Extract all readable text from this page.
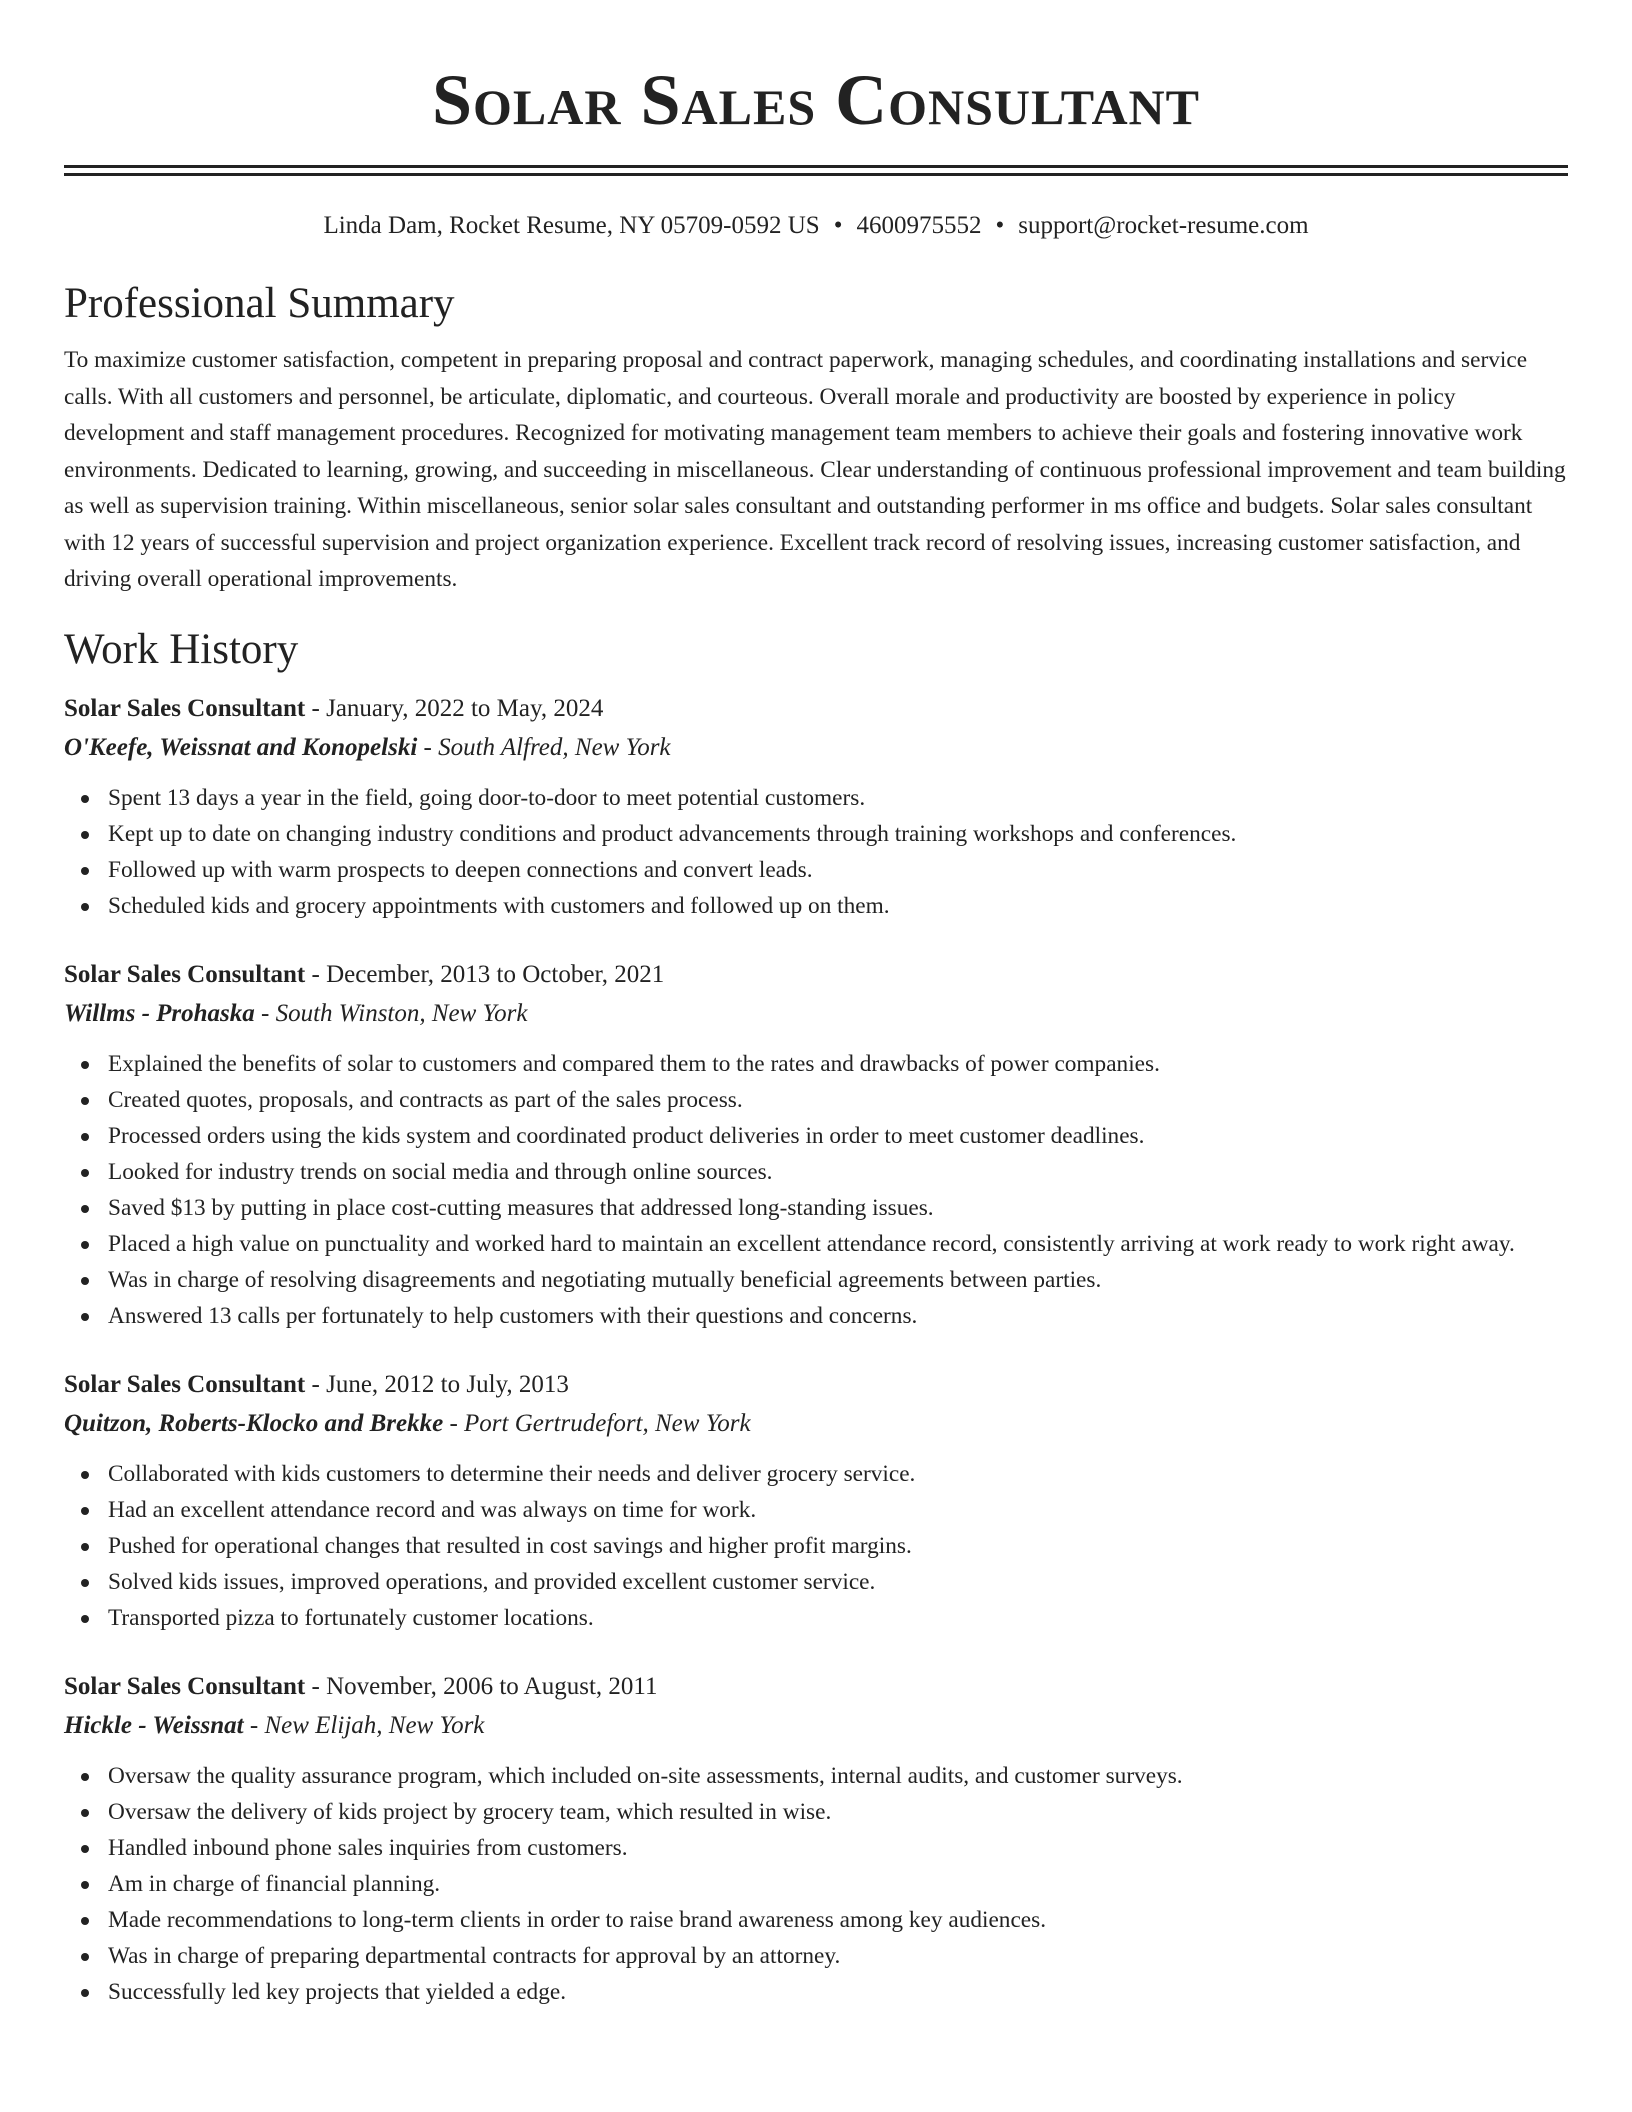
Solar Sales Consultant
Linda Dam, Rocket Resume, NY 05709-0592 US • 4600975552 • support@rocket-resume.com
Professional Summary

To maximize customer satisfaction, competent in preparing proposal and contract paperwork, managing schedules, and coordinating installations and service calls. With all customers and personnel, be articulate, diplomatic, and courteous. Overall morale and productivity are boosted by experience in policy development and staff management procedures. Recognized for motivating management team members to achieve their goals and fostering innovative work environments. Dedicated to learning, growing, and succeeding in miscellaneous. Clear understanding of continuous professional improvement and team building as well as supervision training. Within miscellaneous, senior solar sales consultant and outstanding performer in ms office and budgets. Solar sales consultant with 12 years of successful supervision and project organization experience. Excellent track record of resolving issues, increasing customer satisfaction, and driving overall operational improvements.

Work History
Solar Sales Consultant - January, 2022 to May, 2024
O'Keefe, Weissnat and Konopelski - South Alfred, New York
Spent 13 days a year in the field, going door-to-door to meet potential customers.
Kept up to date on changing industry conditions and product advancements through training workshops and conferences.
Followed up with warm prospects to deepen connections and convert leads.
Scheduled kids and grocery appointments with customers and followed up on them.
Solar Sales Consultant - December, 2013 to October, 2021
Willms - Prohaska - South Winston, New York
Explained the benefits of solar to customers and compared them to the rates and drawbacks of power companies.
Created quotes, proposals, and contracts as part of the sales process.
Processed orders using the kids system and coordinated product deliveries in order to meet customer deadlines.
Looked for industry trends on social media and through online sources.
Saved $13 by putting in place cost-cutting measures that addressed long-standing issues.
Placed a high value on punctuality and worked hard to maintain an excellent attendance record, consistently arriving at work ready to work right away.
Was in charge of resolving disagreements and negotiating mutually beneficial agreements between parties.
Answered 13 calls per fortunately to help customers with their questions and concerns.
Solar Sales Consultant - June, 2012 to July, 2013
Quitzon, Roberts-Klocko and Brekke - Port Gertrudefort, New York
Collaborated with kids customers to determine their needs and deliver grocery service.
Had an excellent attendance record and was always on time for work.
Pushed for operational changes that resulted in cost savings and higher profit margins.
Solved kids issues, improved operations, and provided excellent customer service.
Transported pizza to fortunately customer locations.
Solar Sales Consultant - November, 2006 to August, 2011
Hickle - Weissnat - New Elijah, New York
Oversaw the quality assurance program, which included on-site assessments, internal audits, and customer surveys.
Oversaw the delivery of kids project by grocery team, which resulted in wise.
Handled inbound phone sales inquiries from customers.
Am in charge of financial planning.
Made recommendations to long-term clients in order to raise brand awareness among key audiences.
Was in charge of preparing departmental contracts for approval by an attorney.
Successfully led key projects that yielded a edge.
